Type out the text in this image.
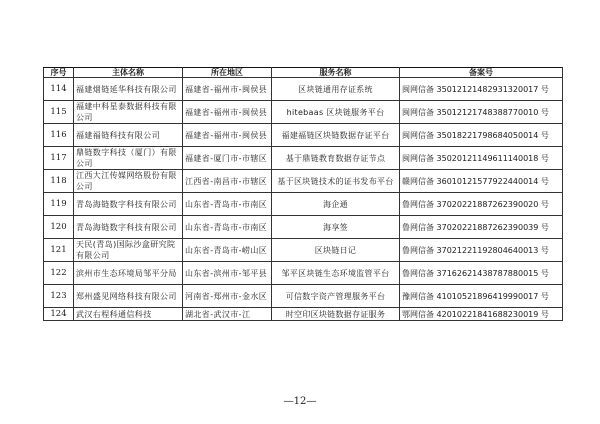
序号	主体名称	所在地区	服务名称	备案号
114	福建烟链延华科技有限公司	福建省-福州市-闽侯县	区块链通用存证系统	闽网信备 35012121482931320017 号
115	福建中科星泰数据科技有限公司	福建省-福州市-闽侯县	hitebaas 区块链服务平台	闽网信备 35012121748388770010 号
116	福建福链科技有限公司	福建省-福州市-闽侯县	福建福链区块链数据存证平台	闽网信备 35018221798684050014 号
117	鼎链数字科技（厦门）有限公司	福建省-厦门市-市辖区	基于鼎链教育数据存证节点	闽网信备 35020121149611140018 号
118	江西大江传媒网络股份有限公司	江西省-南昌市-市辖区	基于区块链技术的证书发布平台	赣网信备 36010121577922440014 号
119	青岛海链数字科技有限公司	山东省-青岛市-市南区	海企通	鲁网信备 37020221887262390020 号
120	青岛海链数字科技有限公司	山东省-青岛市-市南区	海享签	鲁网信备 37020221887262390039 号
121	天民(青岛)国际沙盒研究院有限公司	山东省-青岛市-崂山区	区块链日记	鲁网信备 37021221192804640013 号
122	滨州市生态环境局邹平分局	山东省-滨州市-邹平县	邹平区块链生态环境监管平台	鲁网信备 37162621438787880015 号
123	郑州盛见网络科技有限公司	河南省-郑州市-金水区	可信数字资产管理服务平台	豫网信备 41010521896419990017 号
124	武汉右程科通信科技	湖北省-武汉市-江	时空印区块链数据存证服务	鄂网信备 42010221841688230019 号
—12—
